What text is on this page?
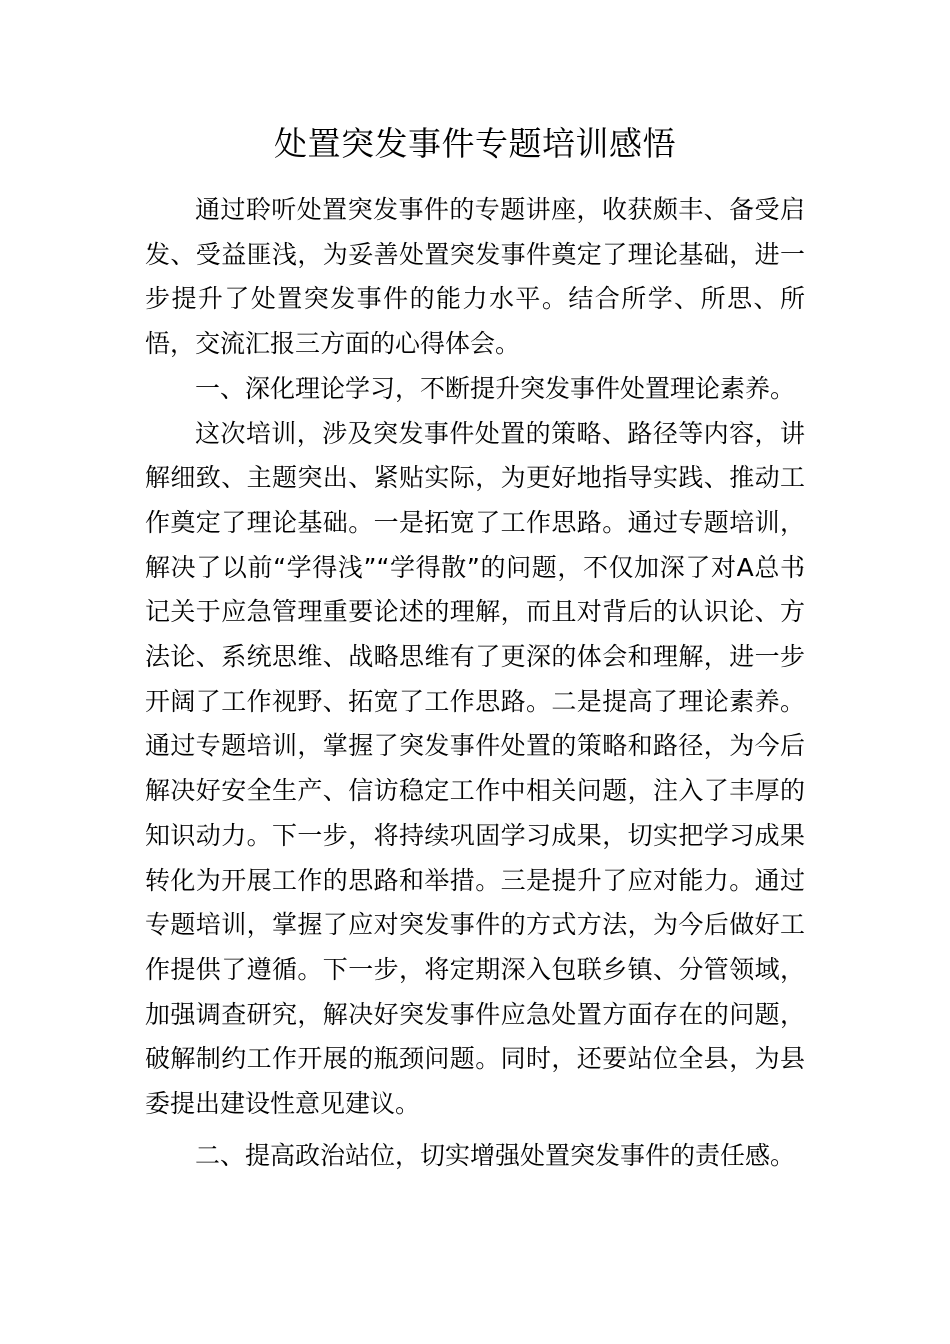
处置突发事件专题培训感悟

通过聆听处置突发事件的专题讲座，收获颇丰、备受启发、受益匪浅，为妥善处置突发事件奠定了理论基础，进一步提升了处置突发事件的能力水平。结合所学、所思、所悟，交流汇报三方面的心得体会。

一、深化理论学习，不断提升突发事件处置理论素养。

这次培训，涉及突发事件处置的策略、路径等内容，讲解细致、主题突出、紧贴实际，为更好地指导实践、推动工作奠定了理论基础。一是拓宽了工作思路。通过专题培训，解决了以前“学得浅”“学得散”的问题，不仅加深了对A总书记关于应急管理重要论述的理解，而且对背后的认识论、方法论、系统思维、战略思维有了更深的体会和理解，进一步开阔了工作视野、拓宽了工作思路。二是提高了理论素养。通过专题培训，掌握了突发事件处置的策略和路径，为今后解决好安全生产、信访稳定工作中相关问题，注入了丰厚的知识动力。下一步，将持续巩固学习成果，切实把学习成果转化为开展工作的思路和举措。三是提升了应对能力。通过专题培训，掌握了应对突发事件的方式方法，为今后做好工作提供了遵循。下一步，将定期深入包联乡镇、分管领域，加强调查研究，解决好突发事件应急处置方面存在的问题，破解制约工作开展的瓶颈问题。同时，还要站位全县，为县委提出建设性意见建议。

二、提高政治站位，切实增强处置突发事件的责任感。
